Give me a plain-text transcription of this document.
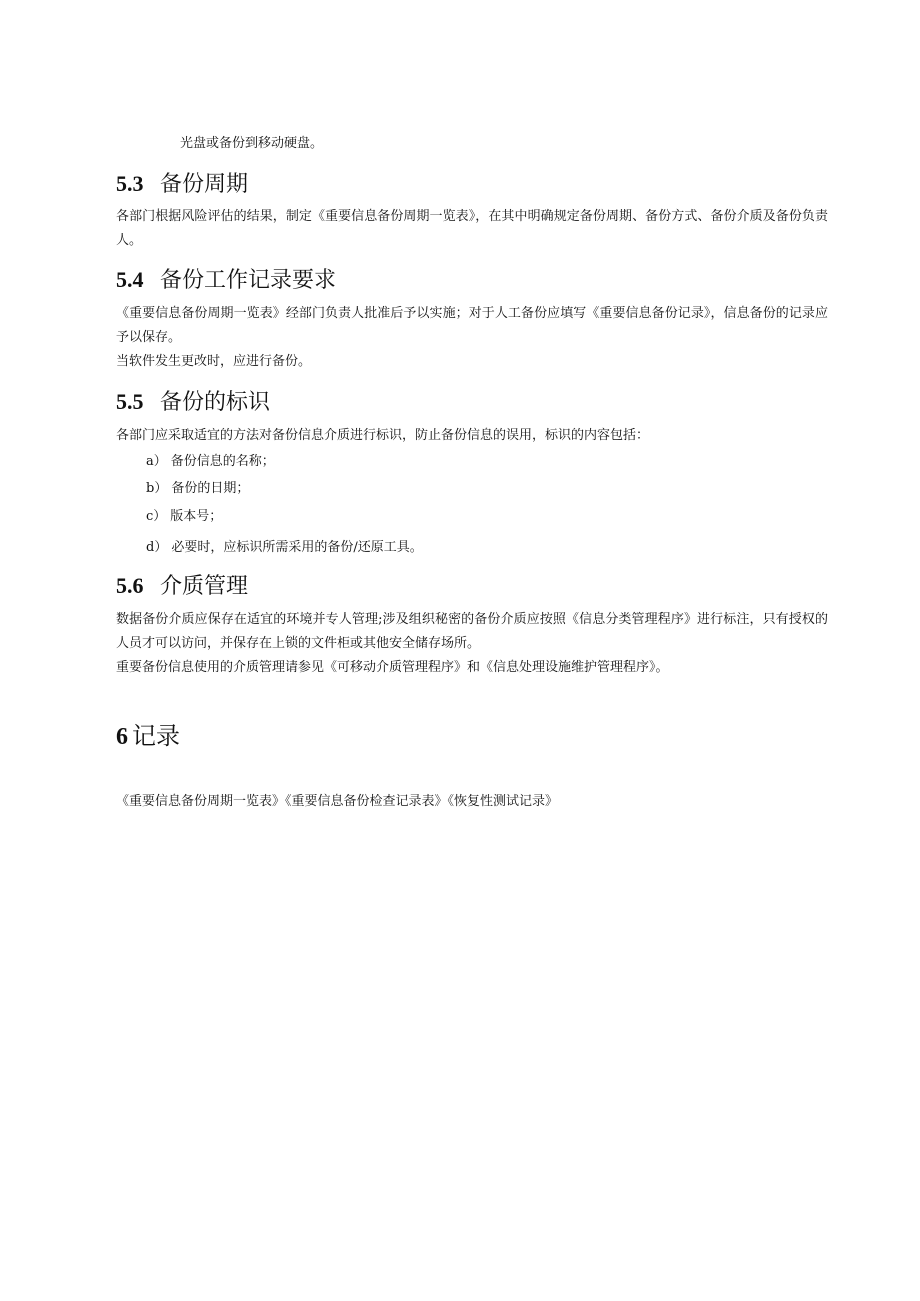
光盘或备份到移动硬盘。

5.3 备份周期

各部门根据风险评估的结果，制定《重要信息备份周期一览表》，在其中明确规定备份周期、备份方式、备份介质及备份负责人。

5.4 备份工作记录要求

《重要信息备份周期一览表》经部门负责人批准后予以实施；对于人工备份应填写《重要信息备份记录》，信息备份的记录应予以保存。

当软件发生更改时，应进行备份。

5.5 备份的标识

各部门应采取适宜的方法对备份信息介质进行标识，防止备份信息的误用，标识的内容包括：

a） 备份信息的名称；
b） 备份的日期；
c） 版本号；
d） 必要时，应标识所需采用的备份/还原工具。
5.6 介质管理

数据备份介质应保存在适宜的环境并专人管理;涉及组织秘密的备份介质应按照《信息分类管理程序》进行标注，只有授权的人员才可以访问，并保存在上锁的文件柜或其他安全储存场所。

重要备份信息使用的介质管理请参见《可移动介质管理程序》和《信息处理设施维护管理程序》。

6 记录

《重要信息备份周期一览表》《重要信息备份检查记录表》《恢复性测试记录》
